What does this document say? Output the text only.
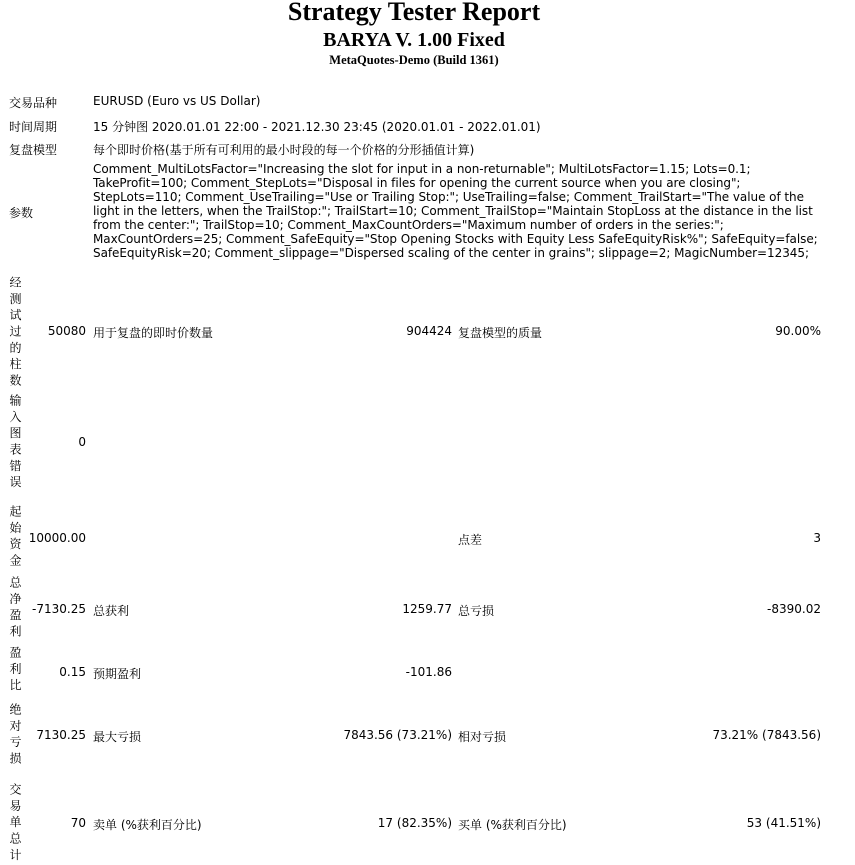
Strategy Tester Report
BARYA V. 1.00 Fixed
MetaQuotes-Demo (Build 1361)
交易品种	EURUSD (Euro vs US Dollar)
时间周期	15 分钟图 2020.01.01 22:00 - 2021.12.30 23:45 (2020.01.01 - 2022.01.01)
复盘模型	每个即时价格(基于所有可利用的最小时段的每一个价格的分形插值计算)
参数
Comment_MultiLotsFactor="Increasing the slot for input in a non-returnable"; MultiLotsFactor=1.15; Lots=0.1; TakeProfit=100; Comment_StepLots="Disposal in files for opening the current source when you are closing"; StepLots=110; Comment_UseTrailing="Use or Trailing Stop:"; UseTrailing=false; Comment_TrailStart="The value of the light in the letters, when the TrailStop:"; TrailStart=10; Comment_TrailStop="Maintain StopLoss at the distance in the list from the center:"; TrailStop=10; Comment_MaxCountOrders="Maximum number of orders in the series:"; MaxCountOrders=25; Comment_SafeEquity="Stop Opening Stocks with Equity Less SafeEquityRisk%"; SafeEquity=false; SafeEquityRisk=20; Comment_slippage="Dispersed scaling of the center in grains"; slippage=2; MagicNumber=12345;
经测试过的柱数	50080 用于复盘的即时价数量	904424 复盘模型的质量	90.00%
输入图表错误	0
起始资金 10000.00	点差	3
总净盈利 -7130.25 总获利	1259.77 总亏损	-8390.02
盈利比	0.15 预期盈利	-101.86
绝对亏损	7130.25 最大亏损	7843.56 (73.21%) 相对亏损	73.21% (7843.56)
交易单总计	70 卖单 (%获利百分比)	17 (82.35%) 买单 (%获利百分比)	53 (41.51%)
